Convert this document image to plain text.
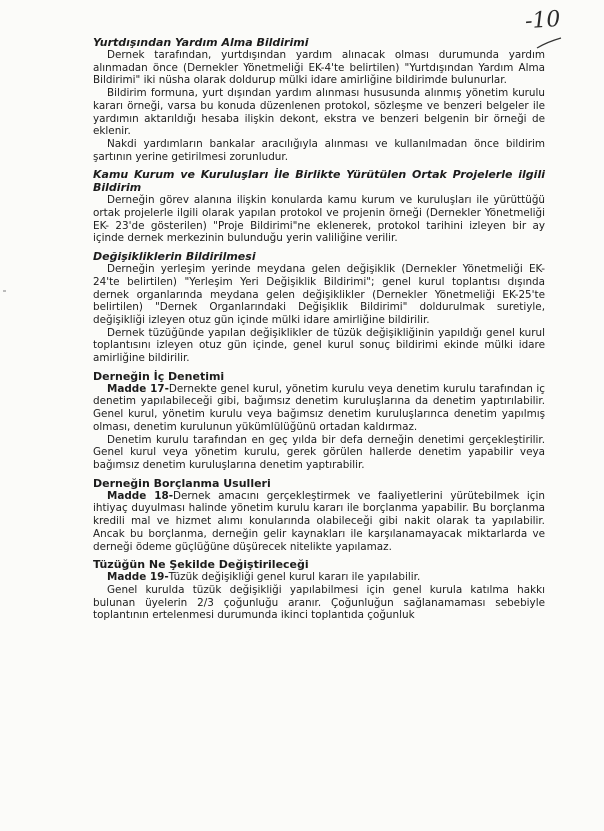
-10
Yurtdışından Yardım Alma Bildirimi

Dernek tarafından, yurtdışından yardım alınacak olması durumunda yardım alınmadan önce (Dernekler Yönetmeliği EK-4'te belirtilen) "Yurtdışından Yardım Alma Bildirimi" iki nüsha olarak doldurup mülki idare amirliğine bildirimde bulunurlar.

Bildirim formuna, yurt dışından yardım alınması hususunda alınmış yönetim kurulu kararı örneği, varsa bu konuda düzenlenen protokol, sözleşme ve benzeri belgeler ile yardımın aktarıldığı hesaba ilişkin dekont, ekstra ve benzeri belgenin bir örneği de eklenir.

Nakdi yardımların bankalar aracılığıyla alınması ve kullanılmadan önce bildirim şartının yerine getirilmesi zorunludur.

Kamu Kurum ve Kuruluşları İle Birlikte Yürütülen Ortak Projelerle ilgili Bildirim

Derneğin görev alanına ilişkin konularda kamu kurum ve kuruluşları ile yürüttüğü ortak projelerle ilgili olarak yapılan protokol ve projenin örneği (Dernekler Yönetmeliği EK- 23'de gösterilen) "Proje Bildirimi"ne eklenerek, protokol tarihini izleyen bir ay içinde dernek merkezinin bulunduğu yerin valiliğine verilir.

Değişikliklerin Bildirilmesi

Derneğin yerleşim yerinde meydana gelen değişiklik (Dernekler Yönetmeliği EK-24'te belirtilen) "Yerleşim Yeri Değişiklik Bildirimi"; genel kurul toplantısı dışında dernek organlarında meydana gelen değişiklikler (Dernekler Yönetmeliği EK-25'te belirtilen) "Dernek Organlarındaki Değişiklik Bildirimi" doldurulmak suretiyle, değişikliği izleyen otuz gün içinde mülki idare amirliğine bildirilir.

Dernek tüzüğünde yapılan değişiklikler de tüzük değişikliğinin yapıldığı genel kurul toplantısını izleyen otuz gün içinde, genel kurul sonuç bildirimi ekinde mülki idare amirliğine bildirilir.

Derneğin İç Denetimi

Madde 17-Dernekte genel kurul, yönetim kurulu veya denetim kurulu tarafından iç denetim yapılabileceği gibi, bağımsız denetim kuruluşlarına da denetim yaptırılabilir. Genel kurul, yönetim kurulu veya bağımsız denetim kuruluşlarınca denetim yapılmış olması, denetim kurulunun yükümlülüğünü ortadan kaldırmaz.

Denetim kurulu tarafından en geç yılda bir defa derneğin denetimi gerçekleştirilir. Genel kurul veya yönetim kurulu, gerek görülen hallerde denetim yapabilir veya bağımsız denetim kuruluşlarına denetim yaptırabilir.

Derneğin Borçlanma Usulleri

Madde 18-Dernek amacını gerçekleştirmek ve faaliyetlerini yürütebilmek için ihtiyaç duyulması halinde yönetim kurulu kararı ile borçlanma yapabilir. Bu borçlanma kredili mal ve hizmet alımı konularında olabileceği gibi nakit olarak ta yapılabilir. Ancak bu borçlanma, derneğin gelir kaynakları ile karşılanamayacak miktarlarda ve derneği ödeme güçlüğüne düşürecek nitelikte yapılamaz.

Tüzüğün Ne Şekilde Değiştirileceği

Madde 19-Tüzük değişikliği genel kurul kararı ile yapılabilir.

Genel kurulda tüzük değişikliği yapılabilmesi için genel kurula katılma hakkı bulunan üyelerin 2/3 çoğunluğu aranır. Çoğunluğun sağlanamaması sebebiyle toplantının ertelenmesi durumunda ikinci toplantıda çoğunluk
